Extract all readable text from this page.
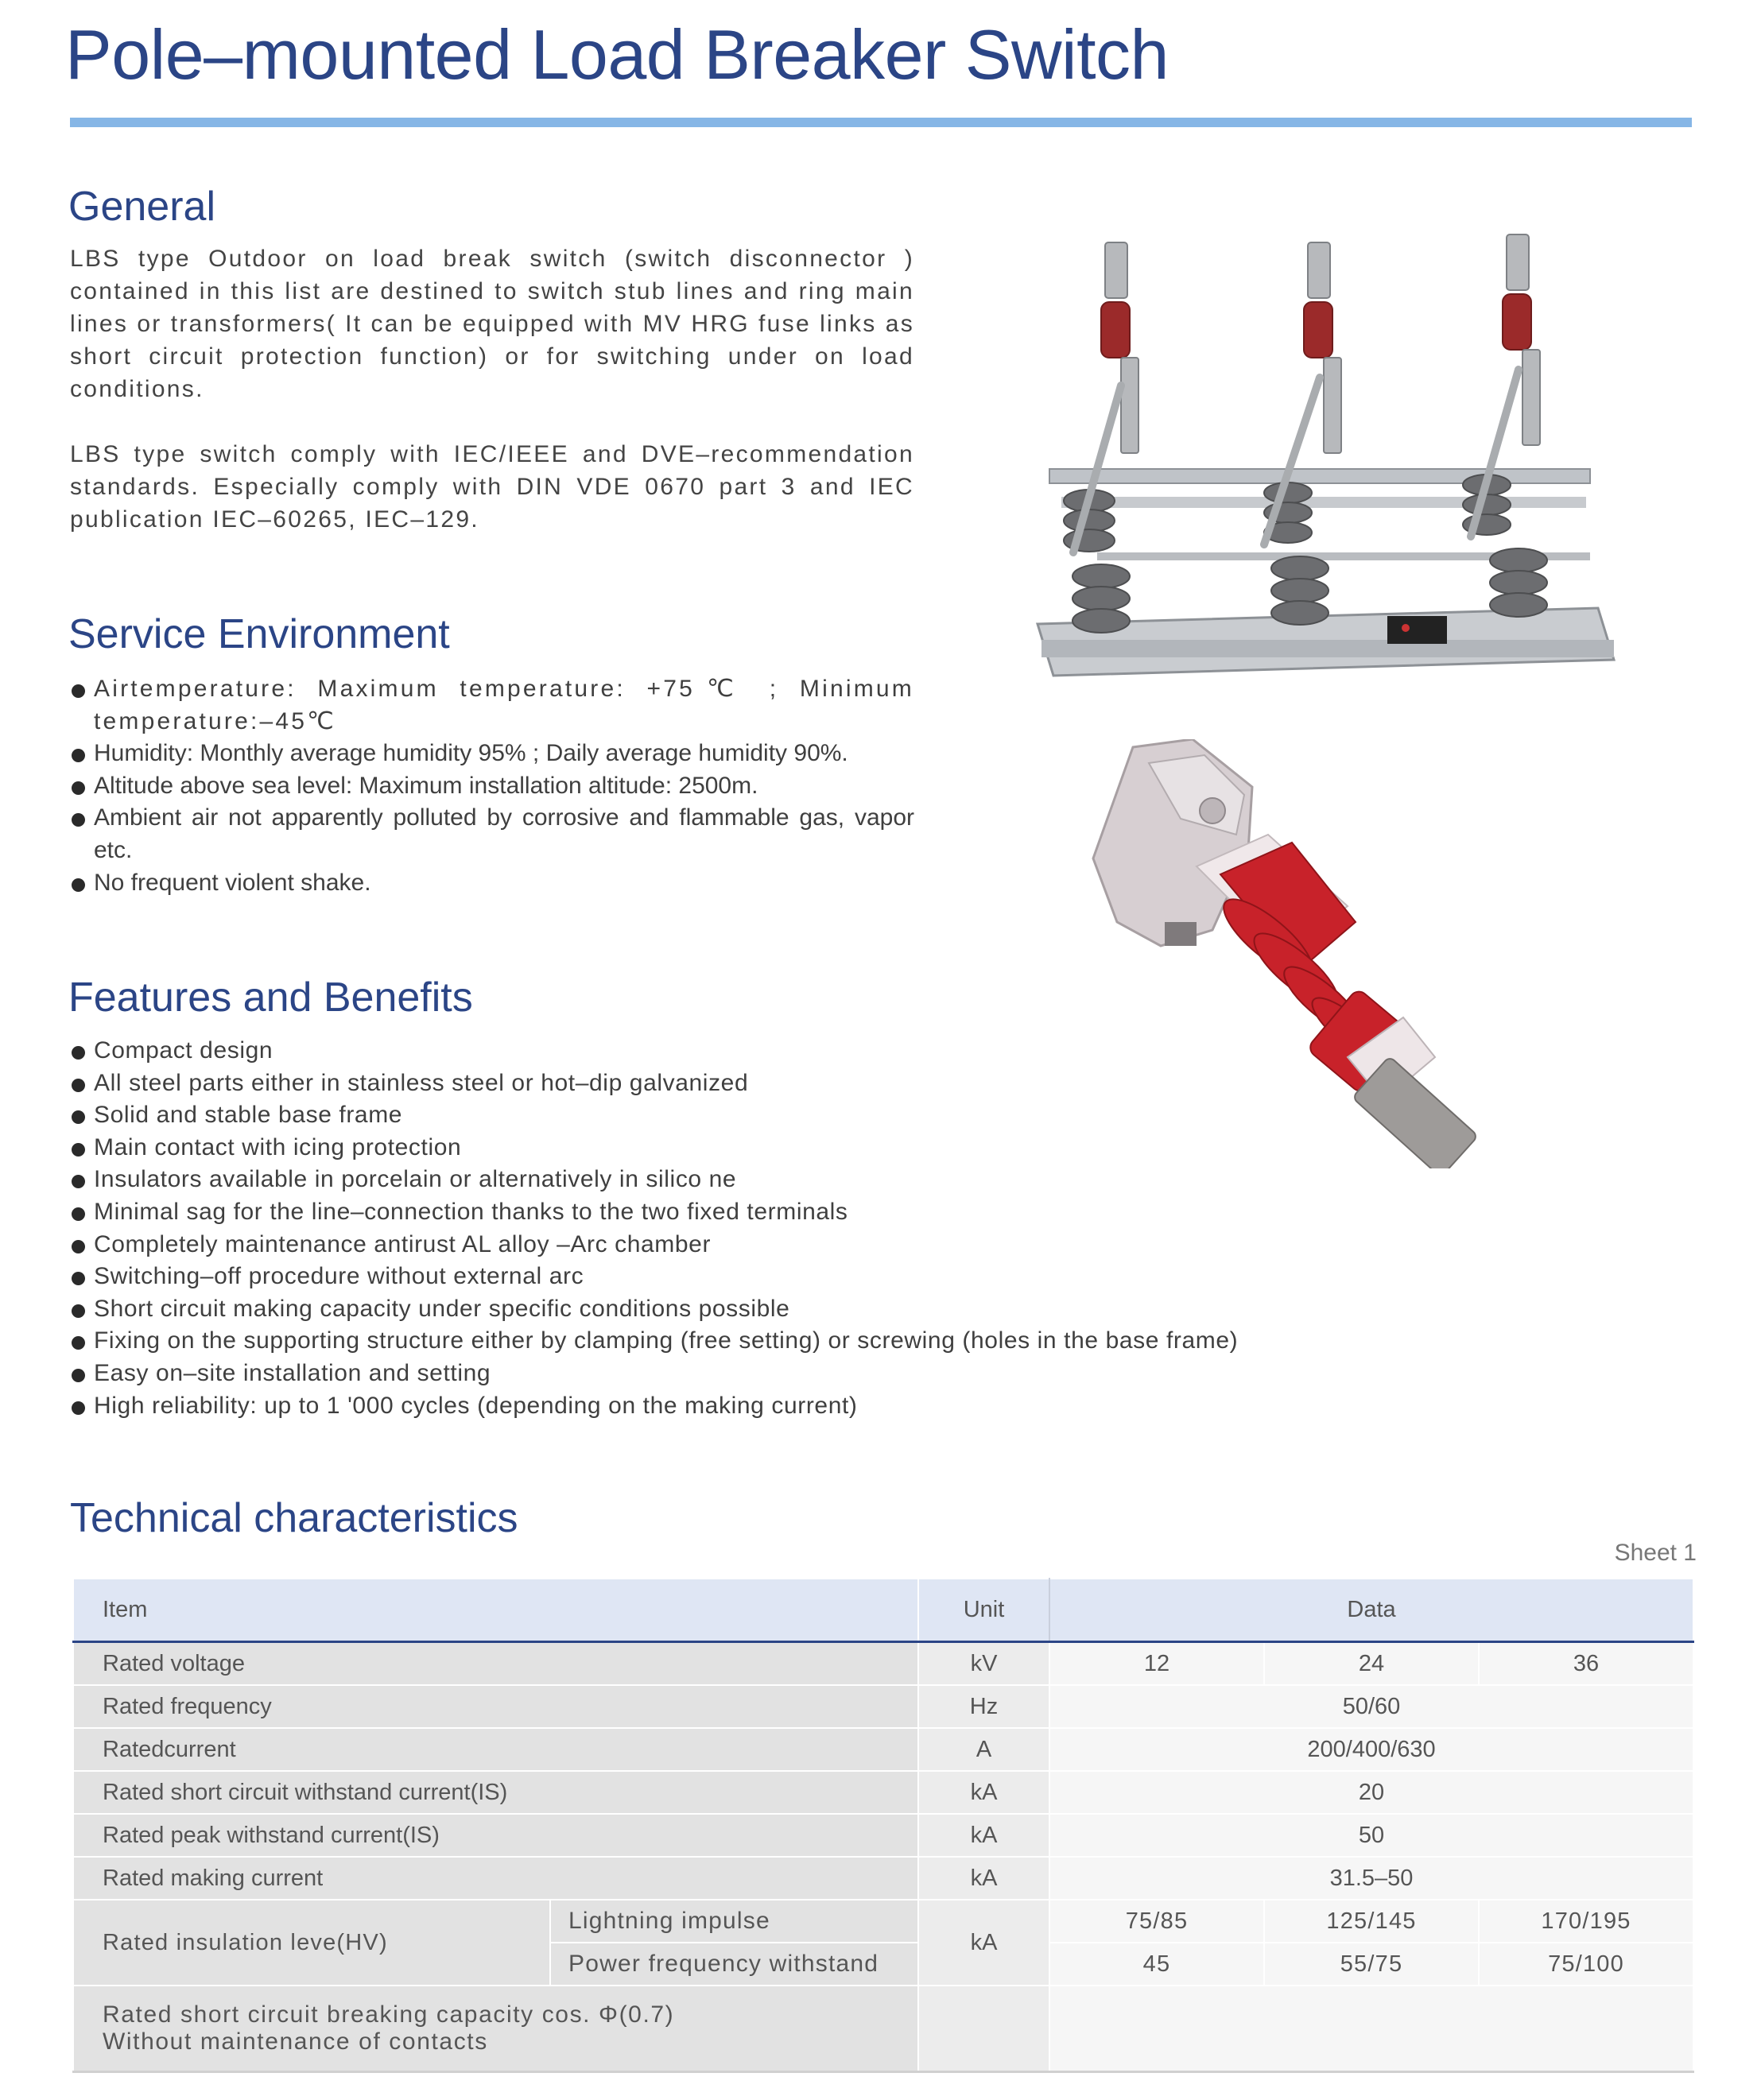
Pole–mounted Load Breaker Switch
General

LBS type Outdoor on load break switch (switch disconnector ) contained in this list are destined to switch stub lines and ring main lines or transformers( It can be equipped with MV HRG fuse links as short circuit protection function) or for switching under on load conditions.

LBS type switch comply with IEC/IEEE and DVE–recommendation standards. Especially comply with DIN VDE 0670 part 3 and IEC publication IEC–60265, IEC–129.

Service Environment
Airtemperature: Maximum temperature: +75℃ ; Minimum temperature:–45℃
Humidity: Monthly average humidity 95% ; Daily average humidity 90%.
Altitude above sea level: Maximum installation altitude: 2500m.
Ambient air not apparently polluted by corrosive and flammable gas, vapor etc.
No frequent violent shake.
Features and Benefits
Compact design
All steel parts either in stainless steel or hot–dip galvanized
Solid and stable base frame
Main contact with icing protection
Insulators available in porcelain or alternatively in silico ne
Minimal sag for the line–connection thanks to the two fixed terminals
Completely maintenance antirust AL alloy –Arc chamber
Switching–off procedure without external arc
Short circuit making capacity under specific conditions possible
Fixing on the supporting structure either by clamping (free setting) or screwing (holes in the base frame)
Easy on–site installation and setting
High reliability: up to 1 '000 cycles (depending on the making current)
Technical characteristics
Sheet 1
Item		Unit	Data		
Rated voltage		kV	12	24	36
Rated frequency		Hz	50/60		
Ratedcurrent		A	200/400/630		
Rated short circuit withstand current(IS)		kA	20		
Rated peak withstand current(IS)		kA	50		
Rated making current		kA	31.5–50		
Rated insulation leve(HV)	Lightning impulse	kA	75/85	125/145	170/195
	Power frequency withstand		45	55/75	75/100

Rated short circuit breaking capacity cos. Φ(0.7)
Without maintenance of contacts					
